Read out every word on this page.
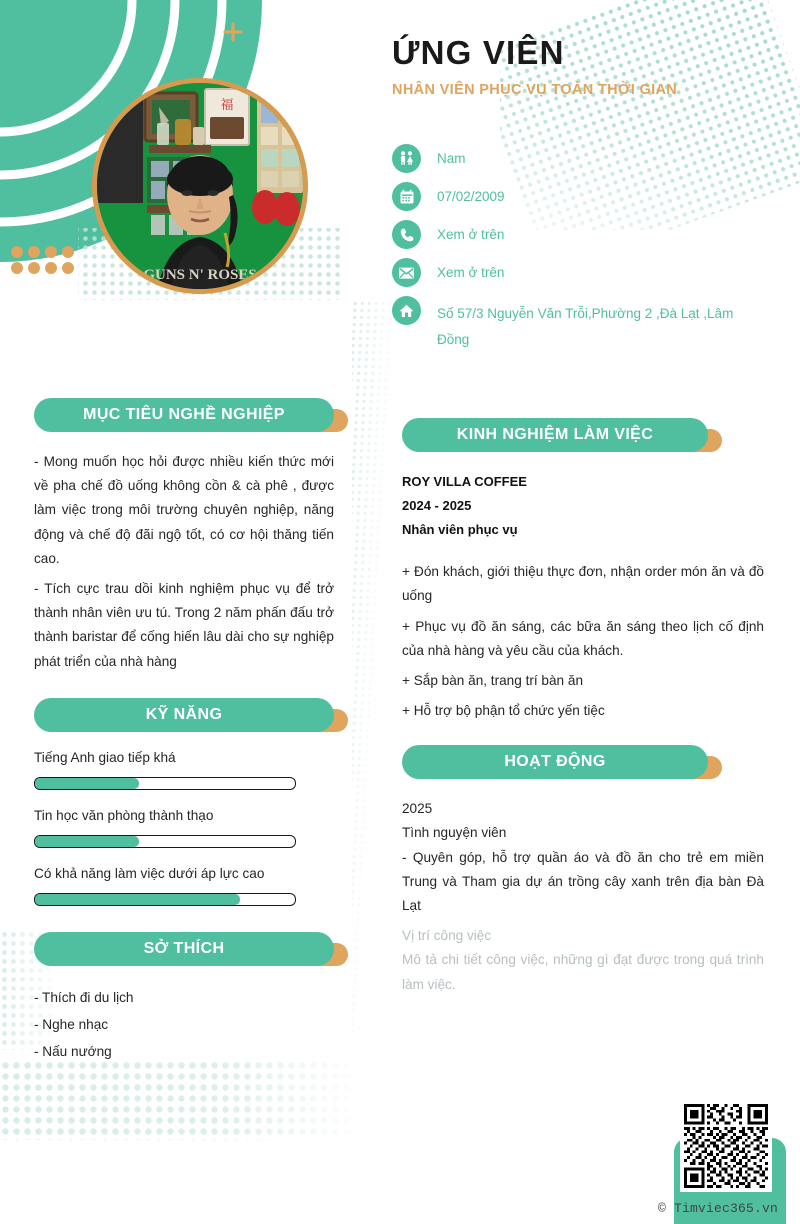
福
GUNS N' ROSES
ỨNG VIÊN
NHÂN VIÊN PHỤC VỤ TOÀN THỜI GIAN
Nam
07/02/2009
Xem ở trên
Xem ở trên
Số 57/3 Nguyễn Văn Trỗi,Phường 2 ,Đà Lạt ,Lâm Đồng
MỤC TIÊU NGHỀ NGHIỆP

- Mong muốn học hỏi được nhiều kiến thức mới về pha chế đồ uống không cồn & cà phê , được làm việc trong môi trường chuyên nghiệp, năng động và chế độ đãi ngộ tốt, có cơ hội thăng tiến cao.

- Tích cực trau dồi kinh nghiệm phục vụ để trở thành nhân viên ưu tú. Trong 2 năm phấn đấu trở thành baristar để cống hiến lâu dài cho sự nghiệp phát triển của nhà hàng

KỸ NĂNG
Tiếng Anh giao tiếp khá
Tin học văn phòng thành thạo
Có khả năng làm việc dưới áp lực cao
SỞ THÍCH
- Thích đi du lịch
- Nghe nhạc
- Nấu nướng
KINH NGHIỆM LÀM VIỆC
ROY VILLA COFFEE
2024 - 2025
Nhân viên phục vụ

+ Đón khách, giới thiệu thực đơn, nhận order món ăn và đồ uống

+ Phục vụ đồ ăn sáng, các bữa ăn sáng theo lịch cố định của nhà hàng và yêu cầu của khách.

+ Sắp bàn ăn, trang trí bàn ăn

+ Hỗ trợ bộ phận tổ chức yến tiệc

HOẠT ĐỘNG

2025

Tình nguyện viên

- Quyên góp, hỗ trợ quần áo và đồ ăn cho trẻ em miền Trung và Tham gia dự án trồng cây xanh trên địa bàn Đà Lạt

Vị trí công việc

Mô tả chi tiết công việc, những gì đạt được trong quá trình làm việc.

© Timviec365.vn
